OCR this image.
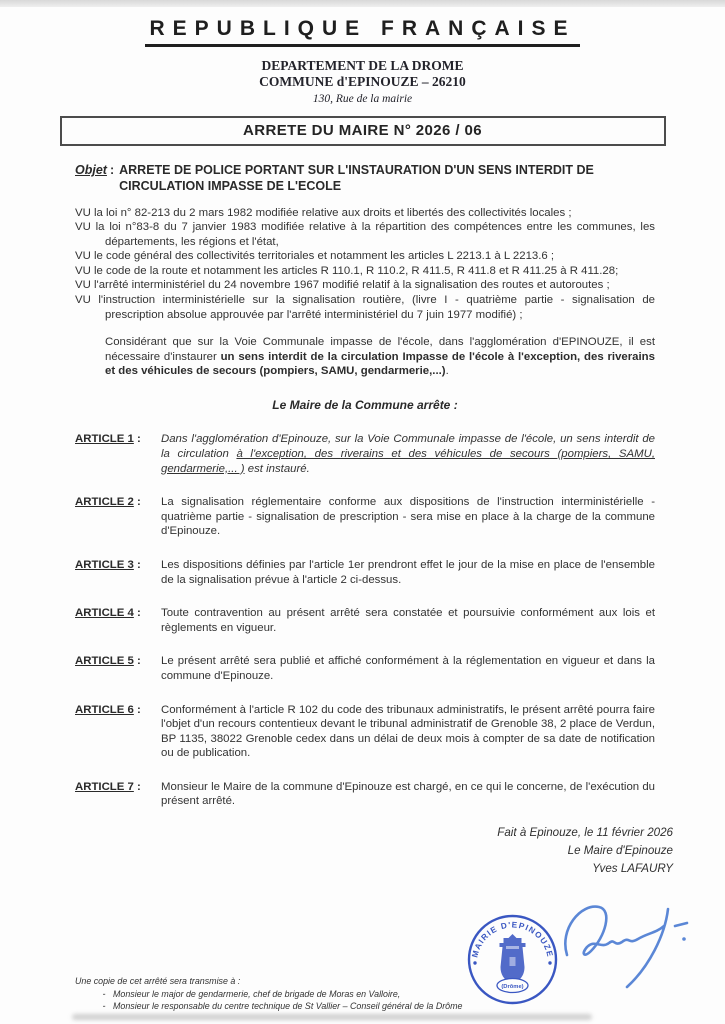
REPUBLIQUE FRANÇAISE
DEPARTEMENT DE LA DROME
COMMUNE d'EPINOUZE – 26210
130, Rue de la mairie
ARRETE DU MAIRE N° 2026 / 06
Objet : ARRETE DE POLICE PORTANT SUR L'INSTAURATION D'UN SENS INTERDIT DE CIRCULATION IMPASSE DE L'ECOLE

VU la loi n° 82-213 du 2 mars 1982 modifiée relative aux droits et libertés des collectivités locales ;

VU la loi n°83-8 du 7 janvier 1983 modifiée relative à la répartition des compétences entre les communes, les départements, les régions et l'état,

VU le code général des collectivités territoriales et notamment les articles L 2213.1 à L 2213.6 ;

VU le code de la route et notamment les articles R 110.1, R 110.2, R 411.5, R 411.8 et R 411.25 à R 411.28;

VU l'arrêté interministériel du 24 novembre 1967 modifié relatif à la signalisation des routes et autoroutes ;

VU l'instruction interministérielle sur la signalisation routière, (livre I - quatrième partie - signalisation de prescription absolue approuvée par l'arrêté interministériel du 7 juin 1977 modifié) ;

Considérant que sur la Voie Communale impasse de l'école, dans l'agglomération d'EPINOUZE, il est nécessaire d'instaurer un sens interdit de la circulation Impasse de l'école à l'exception, des riverains et des véhicules de secours (pompiers, SAMU, gendarmerie,...).
Le Maire de la Commune arrête :
ARTICLE 1 :	Dans l'agglomération d'Epinouze, sur la Voie Communale impasse de l'école, un sens interdit de la circulation à l'exception, des riverains et des véhicules de secours (pompiers, SAMU, gendarmerie,... ) est instauré.
ARTICLE 2 :	La signalisation réglementaire conforme aux dispositions de l'instruction interministérielle - quatrième partie - signalisation de prescription - sera mise en place à la charge de la commune d'Epinouze.
ARTICLE 3 :	Les dispositions définies par l'article 1er prendront effet le jour de la mise en place de l'ensemble de la signalisation prévue à l'article 2 ci-dessus.
ARTICLE 4 :	Toute contravention au présent arrêté sera constatée et poursuivie conformément aux lois et règlements en vigueur.
ARTICLE 5 :	Le présent arrêté sera publié et affiché conformément à la réglementation en vigueur et dans la commune d'Epinouze.
ARTICLE 6 :	Conformément à l'article R 102 du code des tribunaux administratifs, le présent arrêté pourra faire l'objet d'un recours contentieux devant le tribunal administratif de Grenoble 38, 2 place de Verdun, BP 1135, 38022 Grenoble cedex dans un délai de deux mois à compter de sa date de notification ou de publication.
ARTICLE 7 :	Monsieur le Maire de la commune d'Epinouze est chargé, en ce qui le concerne, de l'exécution du présent arrêté.
Fait à Epinouze, le 11 février 2026
Le Maire d'Epinouze
Yves LAFAURY
MAIRIE D'EPINOUZE
(Drôme)
Une copie de cet arrêté sera transmise à :
- Monsieur le major de gendarmerie, chef de brigade de Moras en Valloire,
- Monsieur le responsable du centre technique de St Vallier – Conseil général de la Drôme
